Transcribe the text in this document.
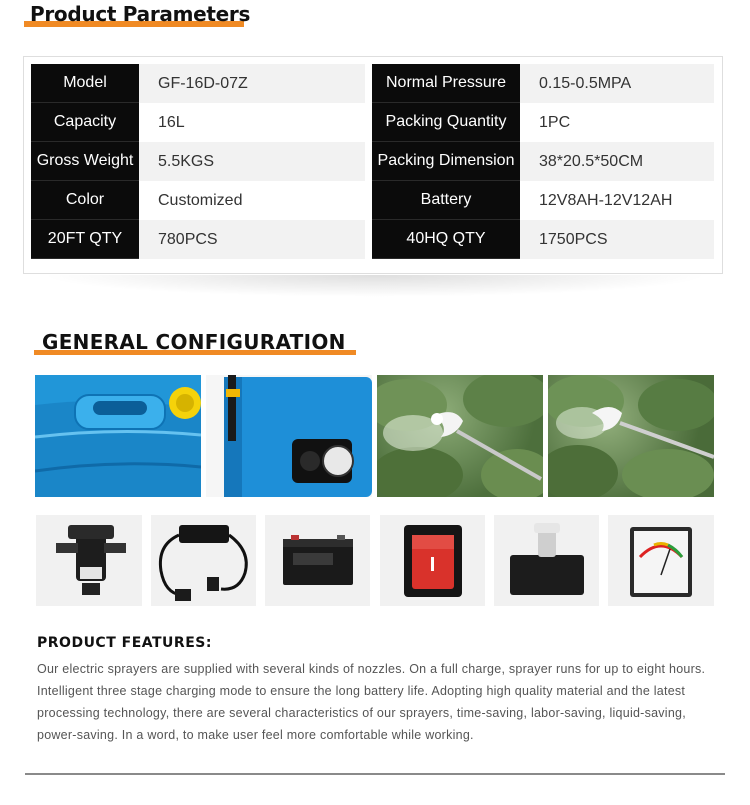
Product Parameters
Model	GF-16D-07Z
Capacity	16L
Gross Weight	5.5KGS
Color	Customized
20FT QTY	780PCS
Normal Pressure	0.15-0.5MPA
Packing Quantity	1PC
Packing Dimension	38*20.5*50CM
Battery	12V8AH-12V12AH
40HQ QTY	1750PCS
GENERAL CONFIGURATION
PRODUCT FEATURES:
Our electric sprayers are supplied with several kinds of nozzles. On a full charge, sprayer runs for up to eight hours. Intelligent three stage charging mode to ensure the long battery life. Adopting high quality material and the latest processing technology, there are several characteristics of our sprayers, time-saving, labor-saving, liquid-saving, power-saving. In a word, to make user feel more comfortable while working.
